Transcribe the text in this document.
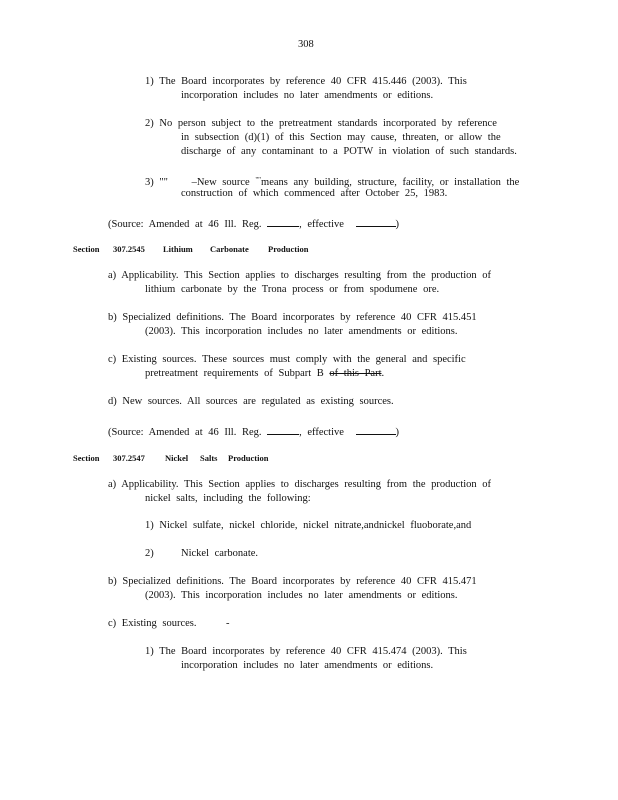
308
1) The Board incorporates by reference 40 CFR 415.446 (2003). This
incorporation includes no later amendments or editions.
2) No person subject to the pretreatment standards incorporated by reference
in subsection (d)(1) of this Section may cause, threaten, or allow the
discharge of any contaminant to a POTW in violation of such standards.
3) "" –New source ""means any building, structure, facility, or installation the
construction of which commenced after October 25, 1983.
(Source: Amended at 46 Ill. Reg.	, effective	)
Section 307.2545 Lithium Carbonate Production
a) Applicability. This Section applies to discharges resulting from the production of
lithium carbonate by the Trona process or from spodumene ore.
b) Specialized definitions. The Board incorporates by reference 40 CFR 415.451
(2003). This incorporation includes no later amendments or editions.
c) Existing sources. These sources must comply with the general and specific
pretreatment requirements of Subpart B of this Part.
d) New sources. All sources are regulated as existing sources.
(Source: Amended at 46 Ill. Reg.	, effective	)
Section 307.2547 Nickel Salts Production
a) Applicability. This Section applies to discharges resulting from the production of
nickel salts, including the following:
1) Nickel sulfate, nickel chloride, nickel nitrate,andnickel fluoborate,and
2)	Nickel carbonate.
b) Specialized definitions. The Board incorporates by reference 40 CFR 415.471
(2003). This incorporation includes no later amendments or editions.
c) Existing sources.	-
1) The Board incorporates by reference 40 CFR 415.474 (2003). This
incorporation includes no later amendments or editions.
